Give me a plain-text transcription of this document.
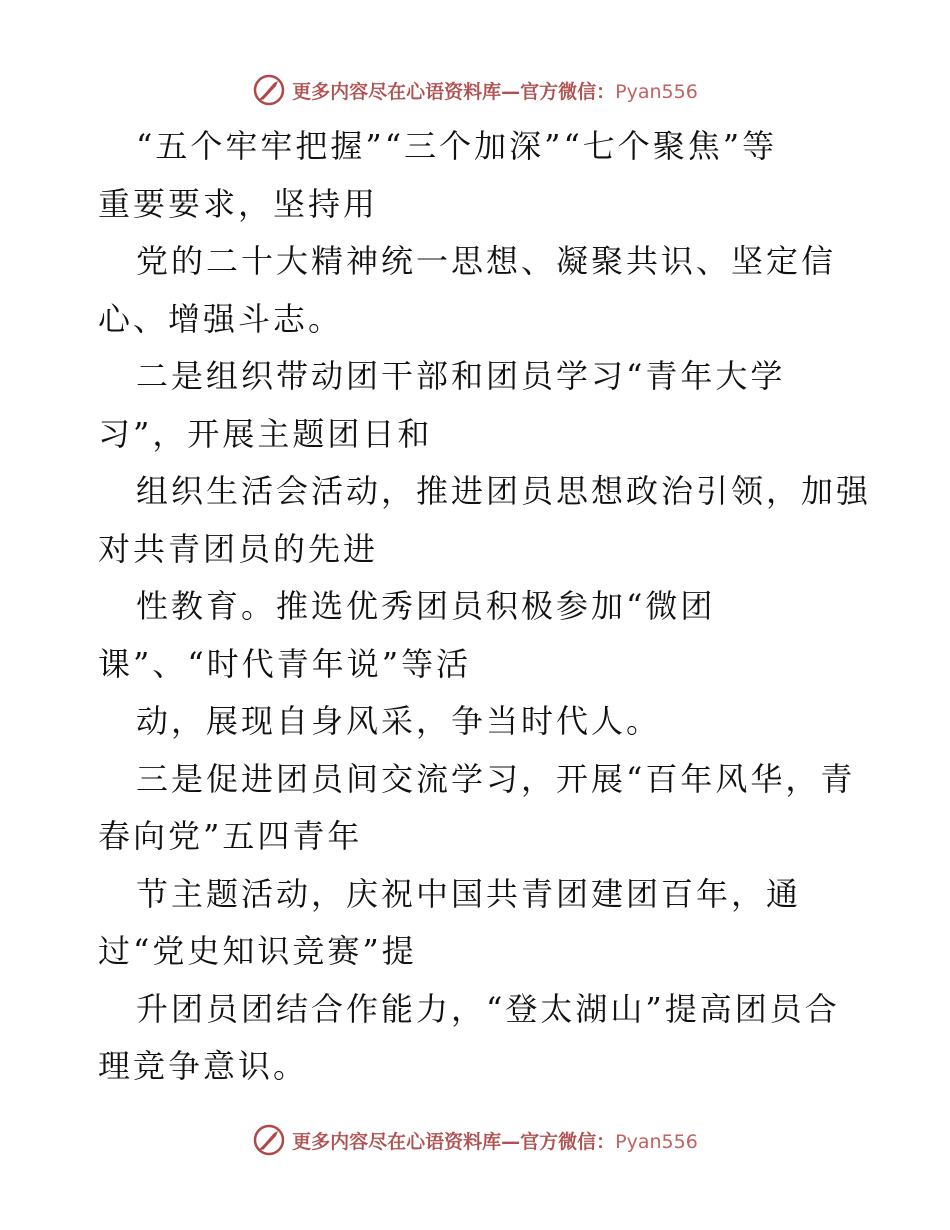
更多内容尽在心语资料库—官方微信：Pyan556
“五个牢牢把握”“三个加深”“七个聚焦”等
重要要求，坚持用
党的二十大精神统一思想、凝聚共识、坚定信
心、增强斗志。
二是组织带动团干部和团员学习“青年大学
习”，开展主题团日和
组织生活会活动，推进团员思想政治引领，加强
对共青团员的先进
性教育。推选优秀团员积极参加“微团
课”、“时代青年说”等活
动，展现自身风采，争当时代人。
三是促进团员间交流学习，开展“百年风华，青
春向党”五四青年
节主题活动，庆祝中国共青团建团百年，通
过“党史知识竞赛”提
升团员团结合作能力，“登太湖山”提高团员合
理竞争意识。
更多内容尽在心语资料库—官方微信：Pyan556
